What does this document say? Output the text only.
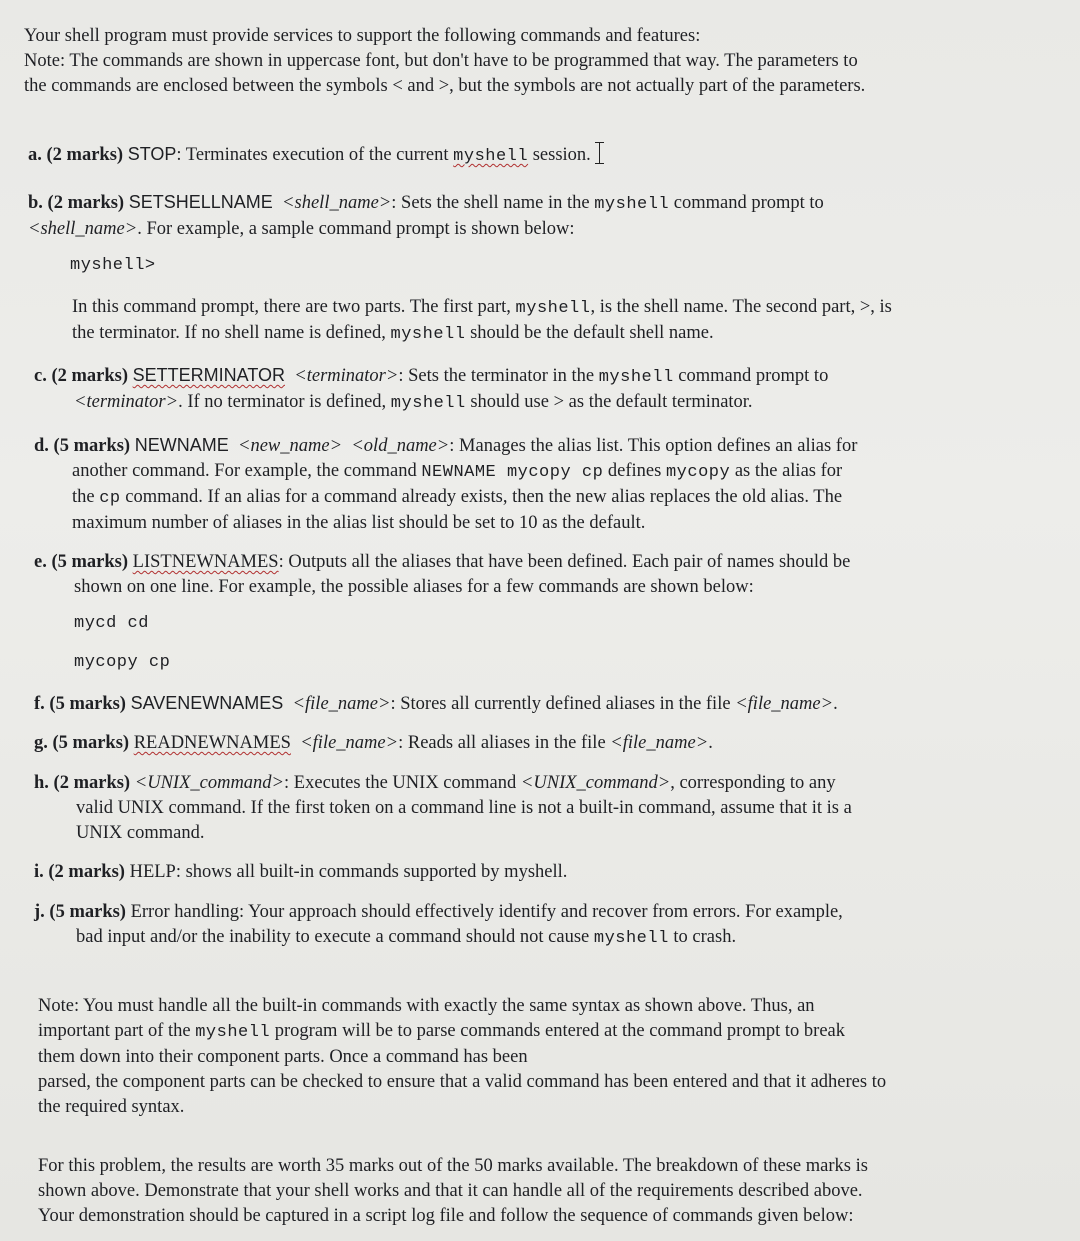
Your shell program must provide services to support the following commands and features:
Note: The commands are shown in uppercase font, but don't have to be programmed that way. The parameters to
the commands are enclosed between the symbols < and >, but the symbols are not actually part of the parameters.
a. (2 marks) STOP: Terminates execution of the current myshell session.
b. (2 marks) SETSHELLNAME <shell_name>: Sets the shell name in the myshell command prompt to
<shell_name>. For example, a sample command prompt is shown below:
myshell>
In this command prompt, there are two parts. The first part, myshell, is the shell name. The second part, >, is
the terminator. If no shell name is defined, myshell should be the default shell name.
c. (2 marks) SETTERMINATOR <terminator>: Sets the terminator in the myshell command prompt to
<terminator>. If no terminator is defined, myshell should use > as the default terminator.
d. (5 marks) NEWNAME <new_name> <old_name>: Manages the alias list. This option defines an alias for
another command. For example, the command NEWNAME mycopy cp defines mycopy as the alias for
the cp command. If an alias for a command already exists, then the new alias replaces the old alias. The
maximum number of aliases in the alias list should be set to 10 as the default.
e. (5 marks) LISTNEWNAMES: Outputs all the aliases that have been defined. Each pair of names should be
shown on one line. For example, the possible aliases for a few commands are shown below:
mycd cd
mycopy cp
f. (5 marks) SAVENEWNAMES <file_name>: Stores all currently defined aliases in the file <file_name>.
g. (5 marks) READNEWNAMES <file_name>: Reads all aliases in the file <file_name>.
h. (2 marks) <UNIX_command>: Executes the UNIX command <UNIX_command>, corresponding to any
valid UNIX command. If the first token on a command line is not a built-in command, assume that it is a
UNIX command.
i. (2 marks) HELP: shows all built-in commands supported by myshell.
j. (5 marks) Error handling: Your approach should effectively identify and recover from errors. For example,
bad input and/or the inability to execute a command should not cause myshell to crash.
Note: You must handle all the built-in commands with exactly the same syntax as shown above. Thus, an
important part of the myshell program will be to parse commands entered at the command prompt to break
them down into their component parts. Once a command has been
parsed, the component parts can be checked to ensure that a valid command has been entered and that it adheres to
the required syntax.
For this problem, the results are worth 35 marks out of the 50 marks available. The breakdown of these marks is
shown above. Demonstrate that your shell works and that it can handle all of the requirements described above.
Your demonstration should be captured in a script log file and follow the sequence of commands given below:
